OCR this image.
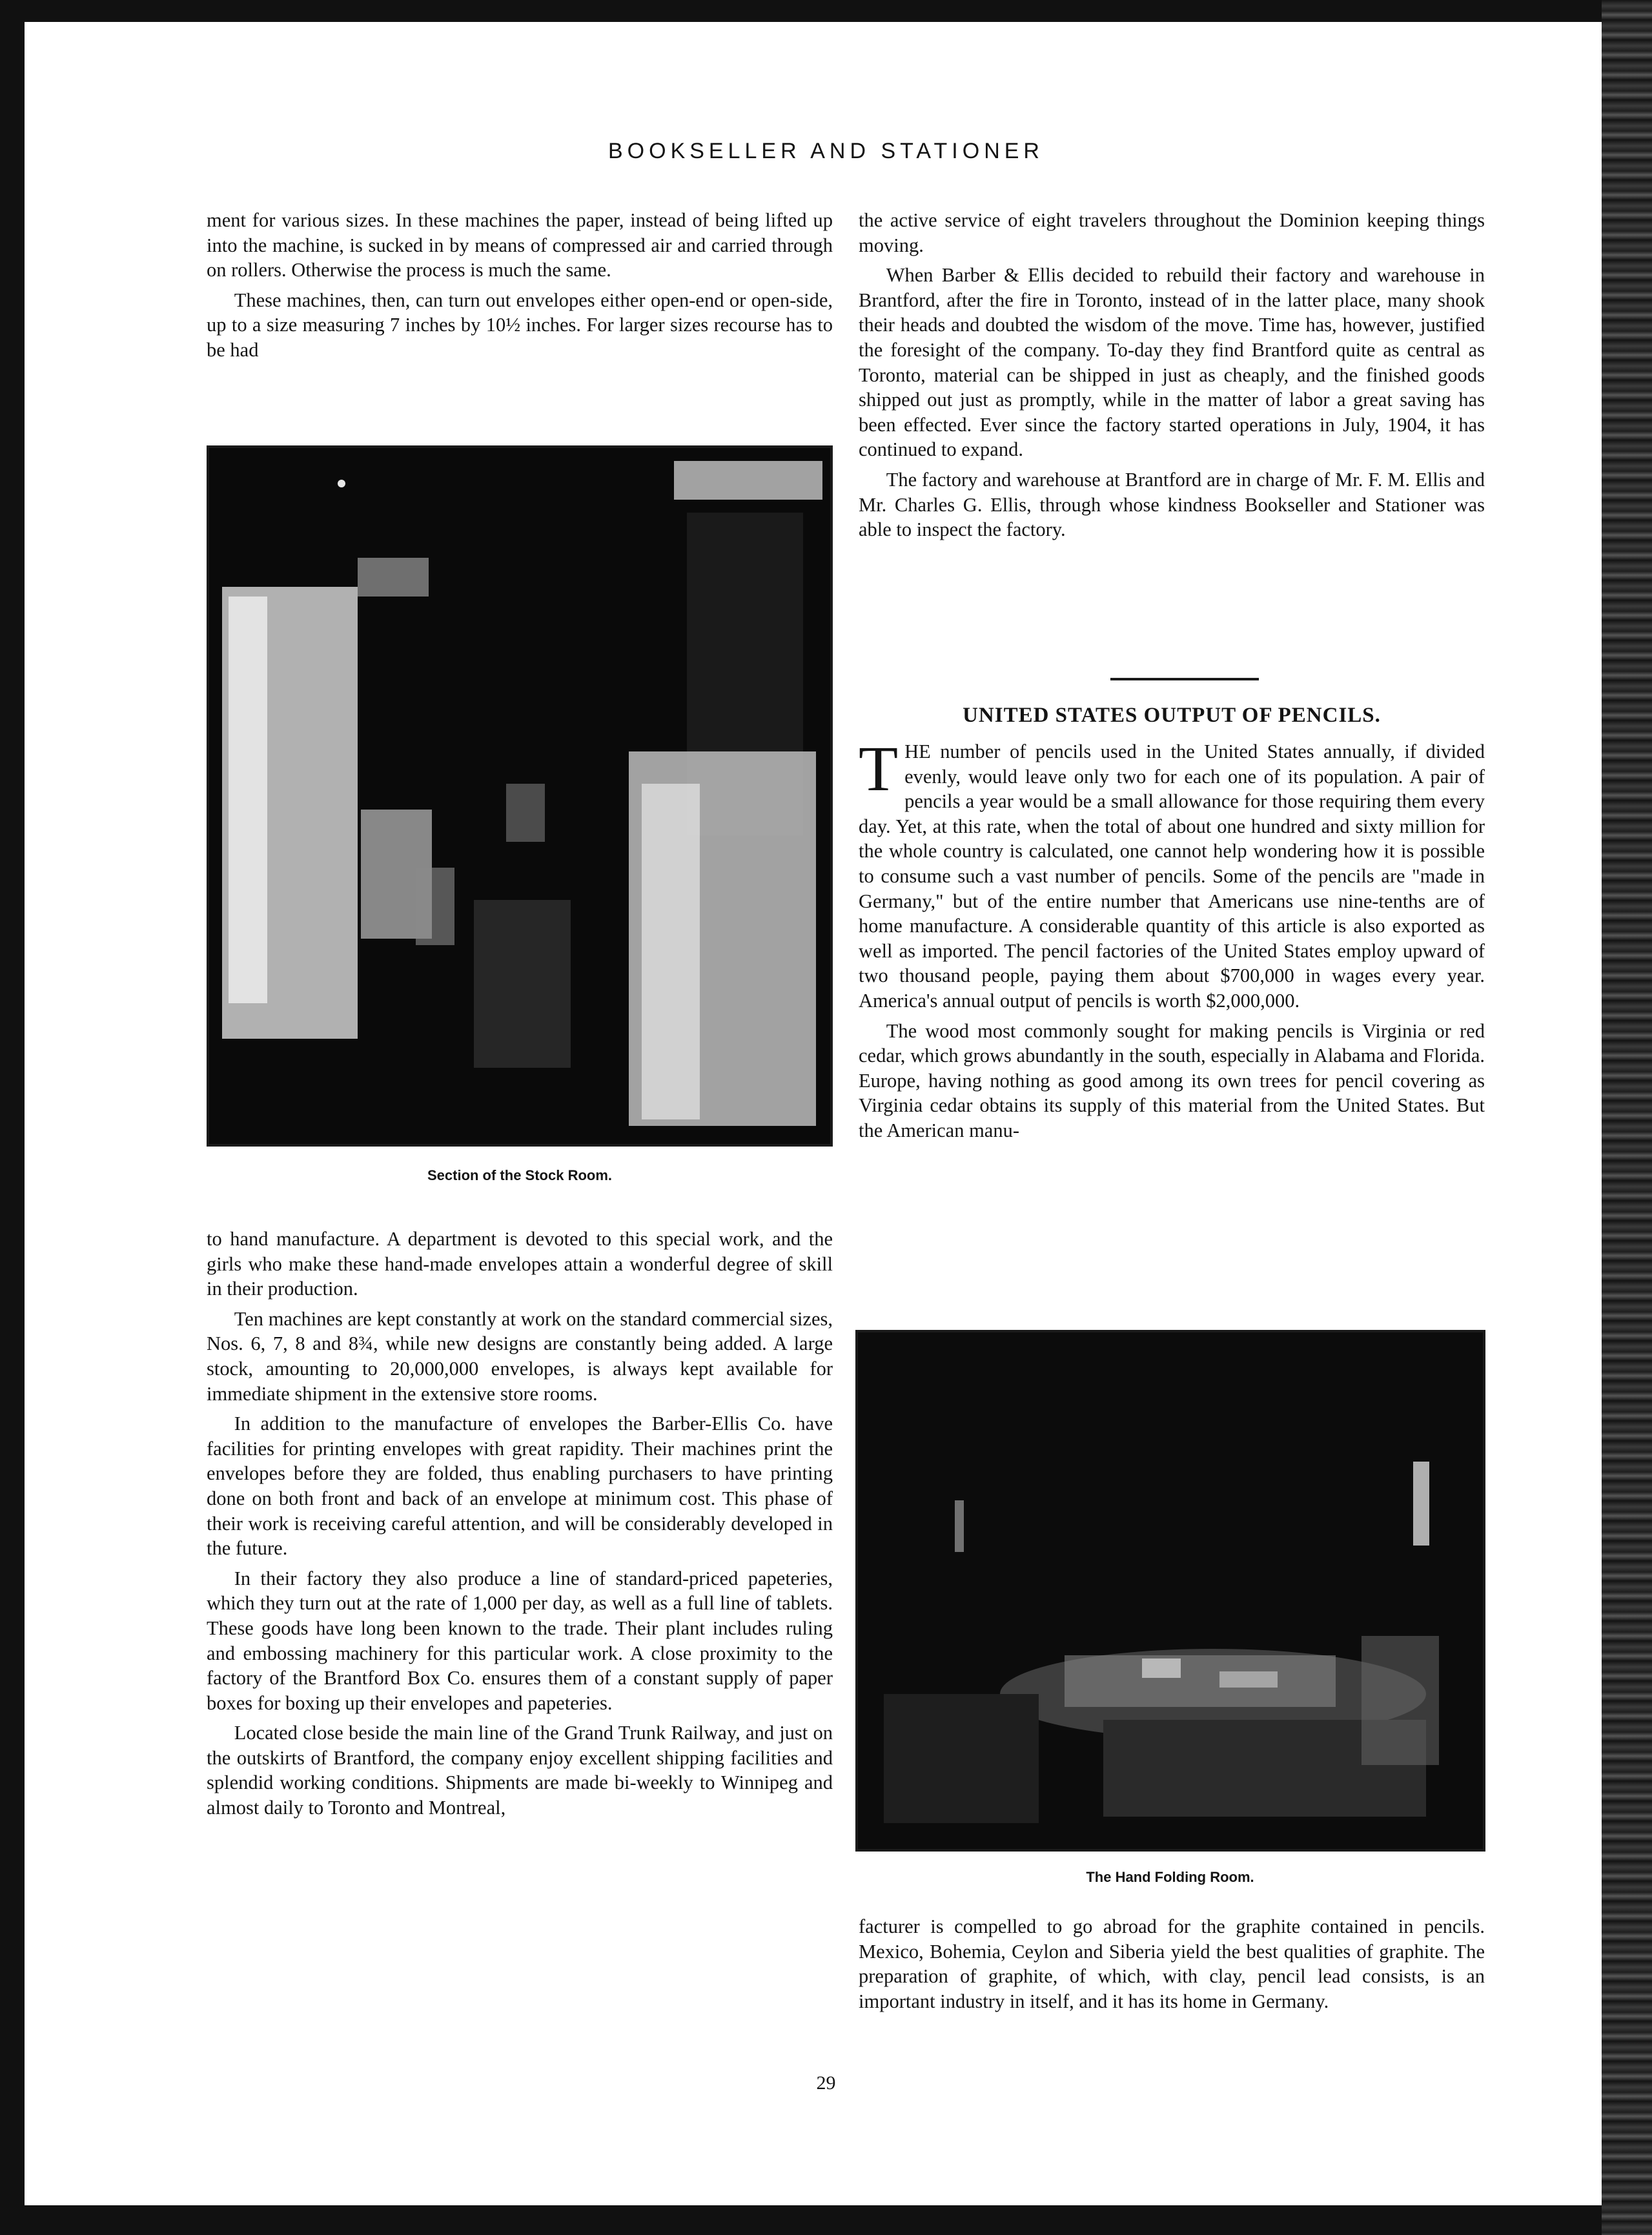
BOOKSELLER AND STATIONER

ment for various sizes. In these machines the paper, instead of being lifted up into the machine, is sucked in by means of compressed air and carried through on rollers. Otherwise the process is much the same.

These machines, then, can turn out envelopes either open-end or open-side, up to a size measuring 7 inches by 10½ inches. For larger sizes recourse has to be had

Section of the Stock Room.

to hand manufacture. A department is devoted to this special work, and the girls who make these hand-made envelopes attain a wonderful degree of skill in their production.

Ten machines are kept constantly at work on the standard commercial sizes, Nos. 6, 7, 8 and 8¾, while new designs are constantly being added. A large stock, amounting to 20,000,000 envelopes, is always kept available for immediate shipment in the extensive store rooms.

In addition to the manufacture of envelopes the Barber-Ellis Co. have facilities for printing envelopes with great rapidity. Their machines print the envelopes before they are folded, thus enabling purchasers to have printing done on both front and back of an envelope at minimum cost. This phase of their work is receiving careful attention, and will be considerably developed in the future.

In their factory they also produce a line of standard-priced papeteries, which they turn out at the rate of 1,000 per day, as well as a full line of tablets. These goods have long been known to the trade. Their plant includes ruling and embossing machinery for this particular work. A close proximity to the factory of the Brantford Box Co. ensures them of a constant supply of paper boxes for boxing up their envelopes and papeteries.

Located close beside the main line of the Grand Trunk Railway, and just on the outskirts of Brantford, the company enjoy excellent shipping facilities and splendid working conditions. Shipments are made bi-weekly to Winnipeg and almost daily to Toronto and Montreal,

the active service of eight travelers throughout the Dominion keeping things moving.

When Barber & Ellis decided to rebuild their factory and warehouse in Brantford, after the fire in Toronto, instead of in the latter place, many shook their heads and doubted the wisdom of the move. Time has, however, justified the foresight of the company. To-day they find Brantford quite as central as Toronto, material can be shipped in just as cheaply, and the finished goods shipped out just as promptly, while in the matter of labor a great saving has been effected. Ever since the factory started operations in July, 1904, it has continued to expand.

The factory and warehouse at Brantford are in charge of Mr. F. M. Ellis and Mr. Charles G. Ellis, through whose kindness Bookseller and Stationer was able to inspect the factory.

UNITED STATES OUTPUT OF PENCILS.

THE number of pencils used in the United States annually, if divided evenly, would leave only two for each one of its population. A pair of pencils a year would be a small allowance for those requiring them every day. Yet, at this rate, when the total of about one hundred and sixty million for the whole country is calculated, one cannot help wondering how it is possible to consume such a vast number of pencils. Some of the pencils are "made in Germany," but of the entire number that Americans use nine-tenths are of home manufacture. A considerable quantity of this article is also exported as well as imported. The pencil factories of the United States employ upward of two thousand people, paying them about $700,000 in wages every year. America's annual output of pencils is worth $2,000,000.

The wood most commonly sought for making pencils is Virginia or red cedar, which grows abundantly in the south, especially in Alabama and Florida. Europe, having nothing as good among its own trees for pencil covering as Virginia cedar obtains its supply of this material from the United States. But the American manu-

The Hand Folding Room.

facturer is compelled to go abroad for the graphite contained in pencils. Mexico, Bohemia, Ceylon and Siberia yield the best qualities of graphite. The preparation of graphite, of which, with clay, pencil lead consists, is an important industry in itself, and it has its home in Germany.

29
